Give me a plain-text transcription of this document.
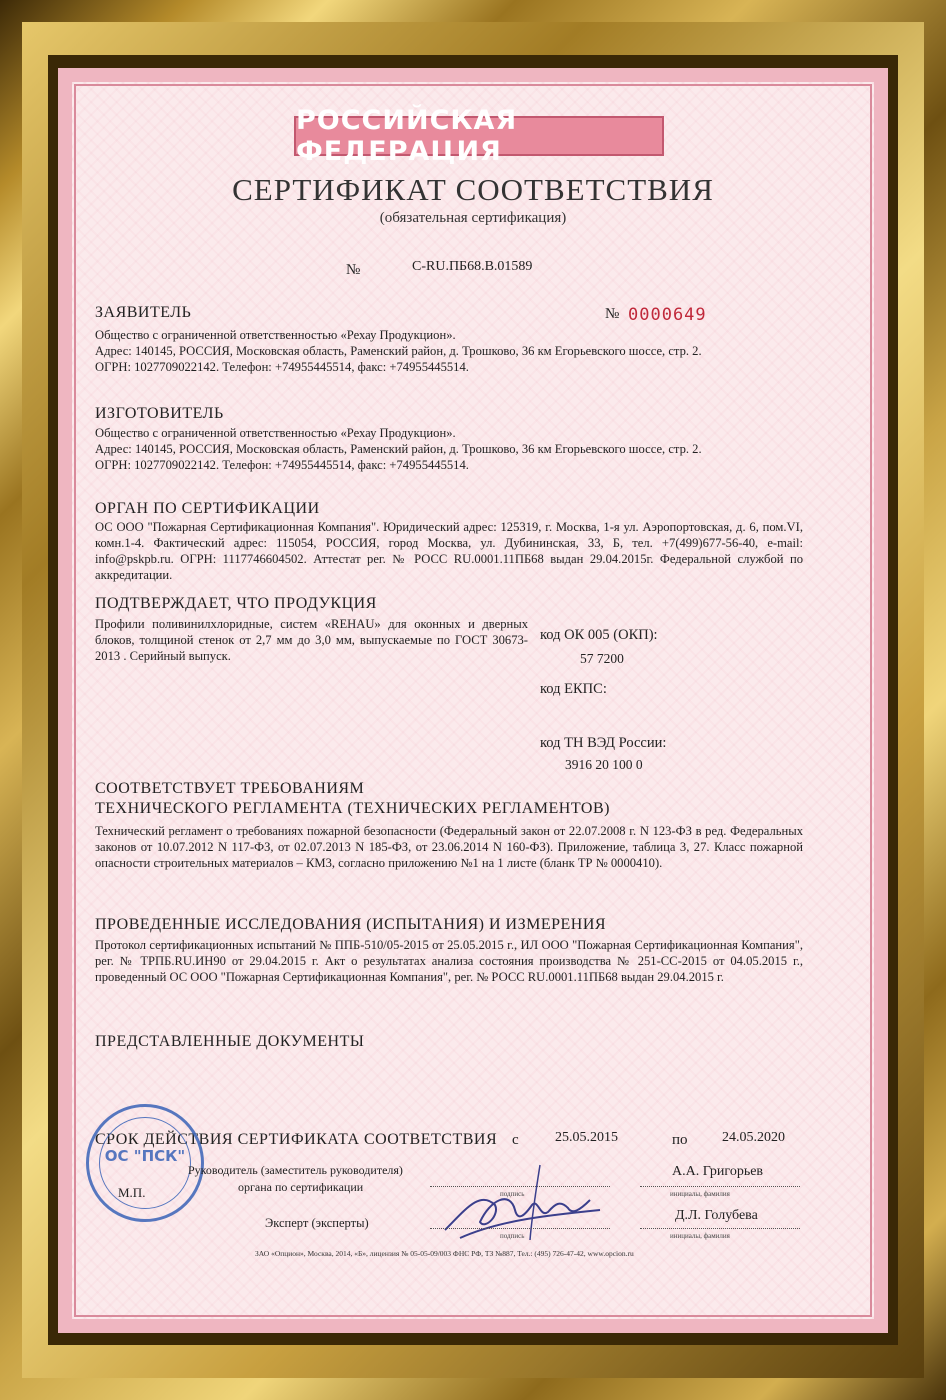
РОССИЙСКАЯ ФЕДЕРАЦИЯ
СЕРТИФИКАТ СООТВЕТСТВИЯ
(обязательная сертификация)
№	C-RU.ПБ68.В.01589
ЗАЯВИТЕЛЬ	№ 0000649
Общество с ограниченной ответственностью «Рехау Продукцион».
Адрес: 140145, РОССИЯ, Московская область, Раменский район, д. Трошково, 36 км Егорьевского шоссе, стр. 2.
ОГРН: 1027709022142. Телефон: +74955445514, факс: +74955445514.
ИЗГОТОВИТЕЛЬ
Общество с ограниченной ответственностью «Рехау Продукцион».
Адрес: 140145, РОССИЯ, Московская область, Раменский район, д. Трошково, 36 км Егорьевского шоссе, стр. 2.
ОГРН: 1027709022142. Телефон: +74955445514, факс: +74955445514.
ОРГАН ПО СЕРТИФИКАЦИИ
ОС ООО "Пожарная Сертификационная Компания". Юридический адрес: 125319, г. Москва, 1-я ул. Аэропортовская, д. 6, пом.VI, комн.1-4. Фактический адрес: 115054, РОССИЯ, город Москва, ул. Дубининская, 33, Б, тел. +7(499)677-56-40, e-mail: info@pskpb.ru. ОГРН: 1117746604502. Аттестат рег. № РОСС RU.0001.11ПБ68 выдан 29.04.2015г. Федеральной службой по аккредитации.
ПОДТВЕРЖДАЕТ, ЧТО ПРОДУКЦИЯ
Профили поливинилхлоридные, систем «REHAU» для оконных и дверных блоков, толщиной стенок от 2,7 мм до 3,0 мм, выпускаемые по ГОСТ 30673-2013 . Серийный выпуск.
код ОК 005 (ОКП):
57 7200
код ЕКПС:
код ТН ВЭД России:
3916 20 100 0
СООТВЕТСТВУЕТ ТРЕБОВАНИЯМ
ТЕХНИЧЕСКОГО РЕГЛАМЕНТА (ТЕХНИЧЕСКИХ РЕГЛАМЕНТОВ)
Технический регламент о требованиях пожарной безопасности (Федеральный закон от 22.07.2008 г. N 123-ФЗ в ред. Федеральных законов от 10.07.2012 N 117-ФЗ, от 02.07.2013 N 185-ФЗ, от 23.06.2014 N 160-ФЗ). Приложение, таблица 3, 27. Класс пожарной опасности строительных материалов – КМ3, согласно приложению №1 на 1 листе (бланк ТР № 0000410).
ПРОВЕДЕННЫЕ ИССЛЕДОВАНИЯ (ИСПЫТАНИЯ) И ИЗМЕРЕНИЯ
Протокол сертификационных испытаний № ППБ-510/05-2015 от 25.05.2015 г., ИЛ ООО "Пожарная Сертификационная Компания", рег. № ТРПБ.RU.ИН90 от 29.04.2015 г. Акт о результатах анализа состояния производства № 251-СС-2015 от 04.05.2015 г., проведенный ОС ООО "Пожарная Сертификационная Компания", рег. № РОСС RU.0001.11ПБ68 выдан 29.04.2015 г.
ПРЕДСТАВЛЕННЫЕ ДОКУМЕНТЫ
СРОК ДЕЙСТВИЯ СЕРТИФИКАТА СООТВЕТСТВИЯ с	25.05.2015	по 24.05.2020
ОС "ПСК"
Руководитель (заместитель руководителя)
органа по сертификации
М.П.	подпись
А.А. Григорьев
инициалы, фамилия
Эксперт (эксперты)
подпись
Д.Л. Голубева
инициалы, фамилия
ЗАО «Опцион», Москва, 2014, «Б», лицензия № 05-05-09/003 ФНС РФ, ТЗ №887, Тел.: (495) 726-47-42, www.opcion.ru
